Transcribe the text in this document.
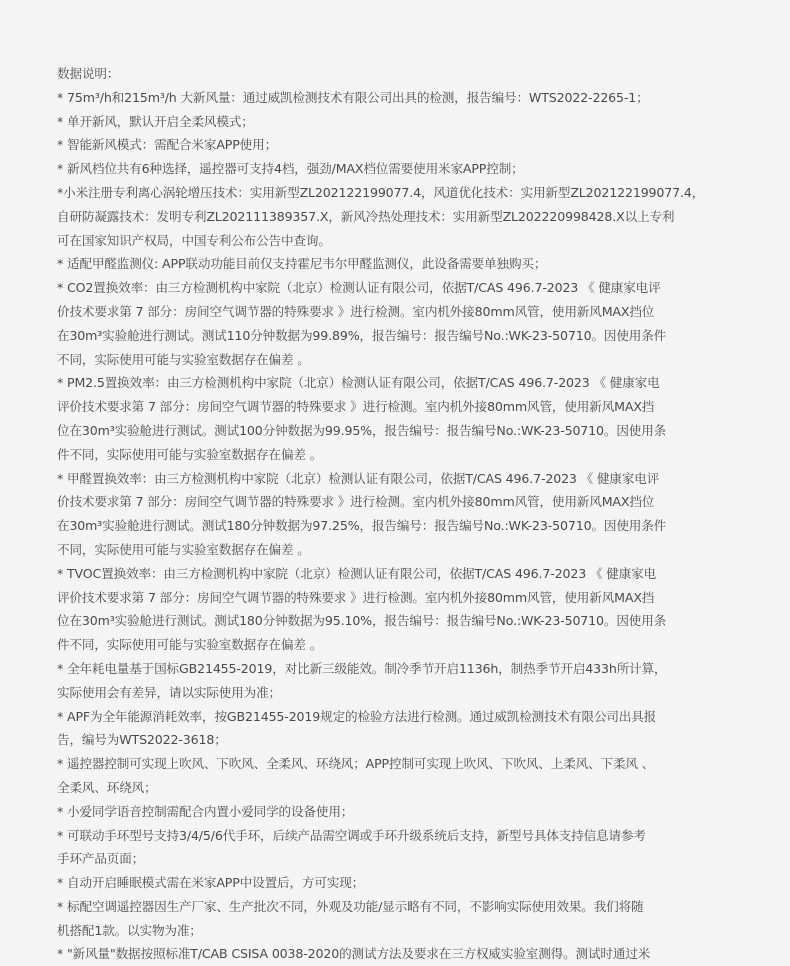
数据说明：
* 75m³/h和215m³/h 大新风量：通过威凯检测技术有限公司出具的检测，报告编号：WTS2022-2265-1；
* 单开新风，默认开启全柔风模式；
* 智能新风模式：需配合米家APP使用；
* 新风档位共有6种选择，遥控器可支持4档，强劲/MAX档位需要使用米家APP控制；
*小米注册专利离心涡轮增压技术：实用新型ZL202122199077.4，风道优化技术：实用新型ZL202122199077.4，
自研防凝露技术：发明专利ZL202111389357.X，新风冷热处理技术：实用新型ZL202220998428.X以上专利
可在国家知识产权局，中国专利公布公告中查询。
* 适配甲醛监测仪: APP联动功能目前仅支持霍尼韦尔甲醛监测仪，此设备需要单独购买；
* CO2置换效率：由三方检测机构中家院（北京）检测认证有限公司，依据T/CAS 496.7-2023 《 健康家电评
价技术要求第 7 部分：房间空气调节器的特殊要求 》进行检测。室内机外接80mm风管，使用新风MAX挡位
在30m³实验舱进行测试。测试110分钟数据为99.89%，报告编号：报告编号No.:WK-23-50710。因使用条件
不同，实际使用可能与实验室数据存在偏差 。
* PM2.5置换效率：由三方检测机构中家院（北京）检测认证有限公司，依据T/CAS 496.7-2023 《 健康家电
评价技术要求第 7 部分：房间空气调节器的特殊要求 》进行检测。室内机外接80mm风管，使用新风MAX挡
位在30m³实验舱进行测试。测试100分钟数据为99.95%，报告编号：报告编号No.:WK-23-50710。因使用条
件不同，实际使用可能与实验室数据存在偏差 。
* 甲醛置换效率：由三方检测机构中家院（北京）检测认证有限公司，依据T/CAS 496.7-2023 《 健康家电评
价技术要求第 7 部分：房间空气调节器的特殊要求 》进行检测。室内机外接80mm风管，使用新风MAX挡位
在30m³实验舱进行测试。测试180分钟数据为97.25%，报告编号：报告编号No.:WK-23-50710。因使用条件
不同，实际使用可能与实验室数据存在偏差 。
* TVOC置换效率：由三方检测机构中家院（北京）检测认证有限公司，依据T/CAS 496.7-2023 《 健康家电
评价技术要求第 7 部分：房间空气调节器的特殊要求 》进行检测。室内机外接80mm风管，使用新风MAX挡
位在30m³实验舱进行测试。测试180分钟数据为95.10%，报告编号：报告编号No.:WK-23-50710。因使用条
件不同，实际使用可能与实验室数据存在偏差 。
* 全年耗电量基于国标GB21455-2019，对比新三级能效。制冷季节开启1136h，制热季节开启433h所计算，
实际使用会有差异，请以实际使用为准；
* APF为全年能源消耗效率，按GB21455-2019规定的检验方法进行检测。通过威凯检测技术有限公司出具报
告，编号为WTS2022-3618；
* 遥控器控制可实现上吹风、下吹风、全柔风、环绕风；APP控制可实现上吹风、下吹风、上柔风、下柔风 、
全柔风、环绕风；
* 小爱同学语音控制需配合内置小爱同学的设备使用；
* 可联动手环型号支持3/4/5/6代手环，后续产品需空调或手环升级系统后支持，新型号具体支持信息请参考
手环产品页面；
* 自动开启睡眠模式需在米家APP中设置后，方可实现；
* 标配空调遥控器因生产厂家、生产批次不同，外观及功能/显示略有不同，不影响实际使用效果。我们将随
机搭配1款。以实物为准；
* "新风量"数据按照标准T/CAB CSISA 0038-2020的测试方法及要求在三方权威实验室测得。测试时通过米
